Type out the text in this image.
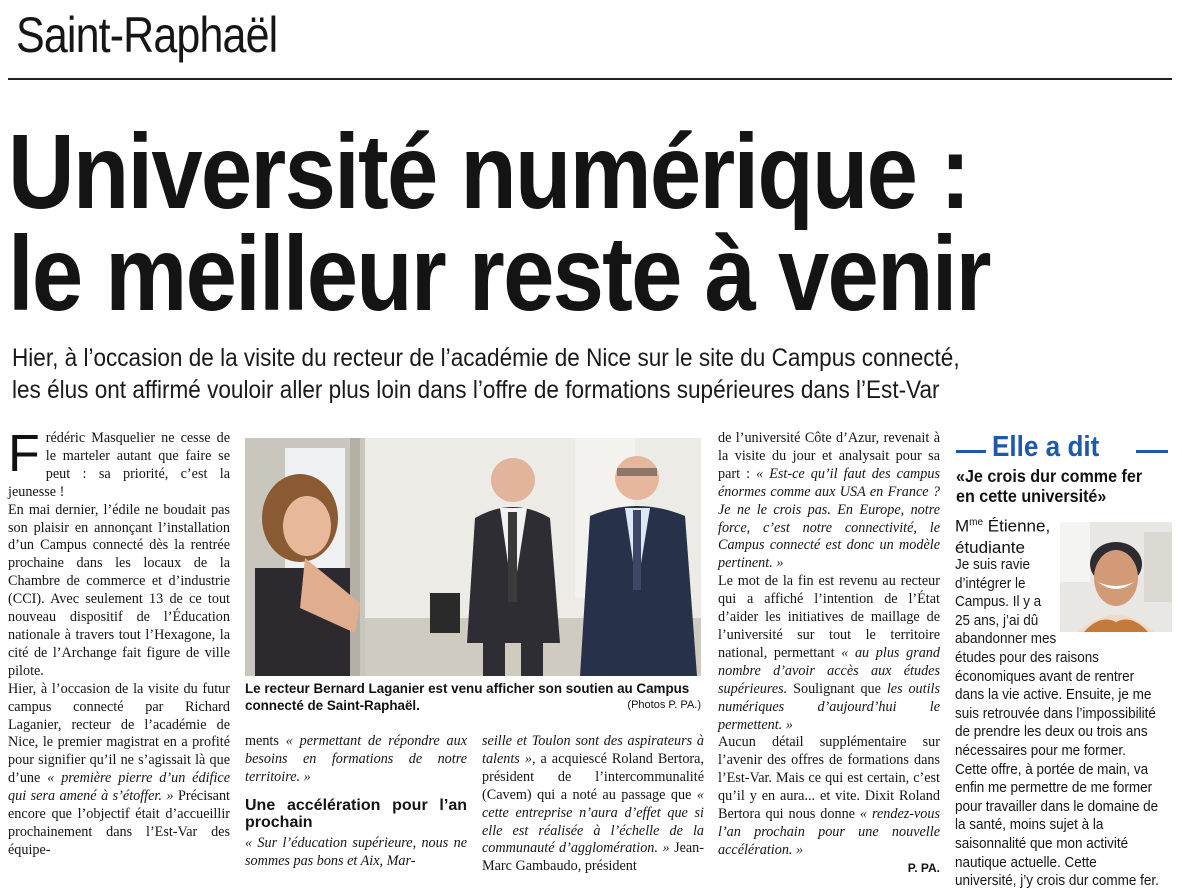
Saint-Raphaël
Université numérique :
le meilleur reste à venir
Hier, à l’occasion de la visite du recteur de l’académie de Nice sur le site du Campus connecté,
les élus ont affirmé vouloir aller plus loin dans l’offre de formations supérieures dans l’Est-Var

Frédéric Masquelier ne cesse de le marteler autant que faire se peut : sa priorité, c’est la jeunesse !

En mai dernier, l’édile ne boudait pas son plaisir en annonçant l’installation d’un Campus connecté dès la rentrée prochaine dans les locaux de la Chambre de commerce et d’industrie (CCI). Avec seulement 13 de ce tout nouveau dispositif de l’Éducation nationale à travers tout l’Hexagone, la cité de l’Archange fait figure de ville pilote.

Hier, à l’occasion de la visite du futur campus connecté par Richard Laganier, recteur de l’académie de Nice, le premier magistrat en a profité pour signifier qu’il ne s’agissait là que d’une « première pierre d’un édifice qui sera amené à s’étoffer. » Précisant encore que l’objectif était d’accueillir prochainement dans l’Est-Var des équipe-

Le recteur Bernard Laganier est venu afficher son soutien au Campus connecté de Saint-Raphaël.	(Photos P. PA.)

ments « permettant de répondre aux besoins en formations de notre territoire. »

Une accélération pour l’an prochain

« Sur l’éducation supérieure, nous ne sommes pas bons et Aix, Mar-

seille et Toulon sont des aspirateurs à talents », a acquiescé Roland Bertora, président de l’intercommunalité (Cavem) qui a noté au passage que « cette entreprise n’aura d’effet que si elle est réalisée à l’échelle de la communauté d’agglomération. » Jean-Marc Gambaudo, président

de l’université Côte d’Azur, revenait à la visite du jour et analysait pour sa part : « Est-ce qu’il faut des campus énormes comme aux USA en France ? Je ne le crois pas. En Europe, notre force, c’est notre connectivité, le Campus connecté est donc un modèle pertinent. »

Le mot de la fin est revenu au recteur qui a affiché l’intention de l’État d’aider les initiatives de maillage de l’université sur tout le territoire national, permettant « au plus grand nombre d’avoir accès aux études supérieures. Soulignant que les outils numériques d’aujourd’hui le permettent. »

Aucun détail supplémentaire sur l’avenir des offres de formations dans l’Est-Var. Mais ce qui est certain, c’est qu’il y en aura... et vite. Dixit Roland Bertora qui nous donne « rendez-vous l’an prochain pour une nouvelle accélération. »

P. PA.
Elle a dit
«Je crois dur comme fer en cette université»
$M^{me}$ Étienne,
étudiante
Je suis ravie d’intégrer le Campus. Il y a 25 ans, j’ai dû abandonner mes études pour des raisons économiques avant de rentrer dans la vie active. Ensuite, je me suis retrouvée dans l’impossibilité de prendre les deux ou trois ans nécessaires pour me former. Cette offre, à portée de main, va enfin me permettre de me former pour travailler dans le domaine de la santé, moins sujet à la saisonnalité que mon activité nautique actuelle. Cette université, j’y crois dur comme fer.
